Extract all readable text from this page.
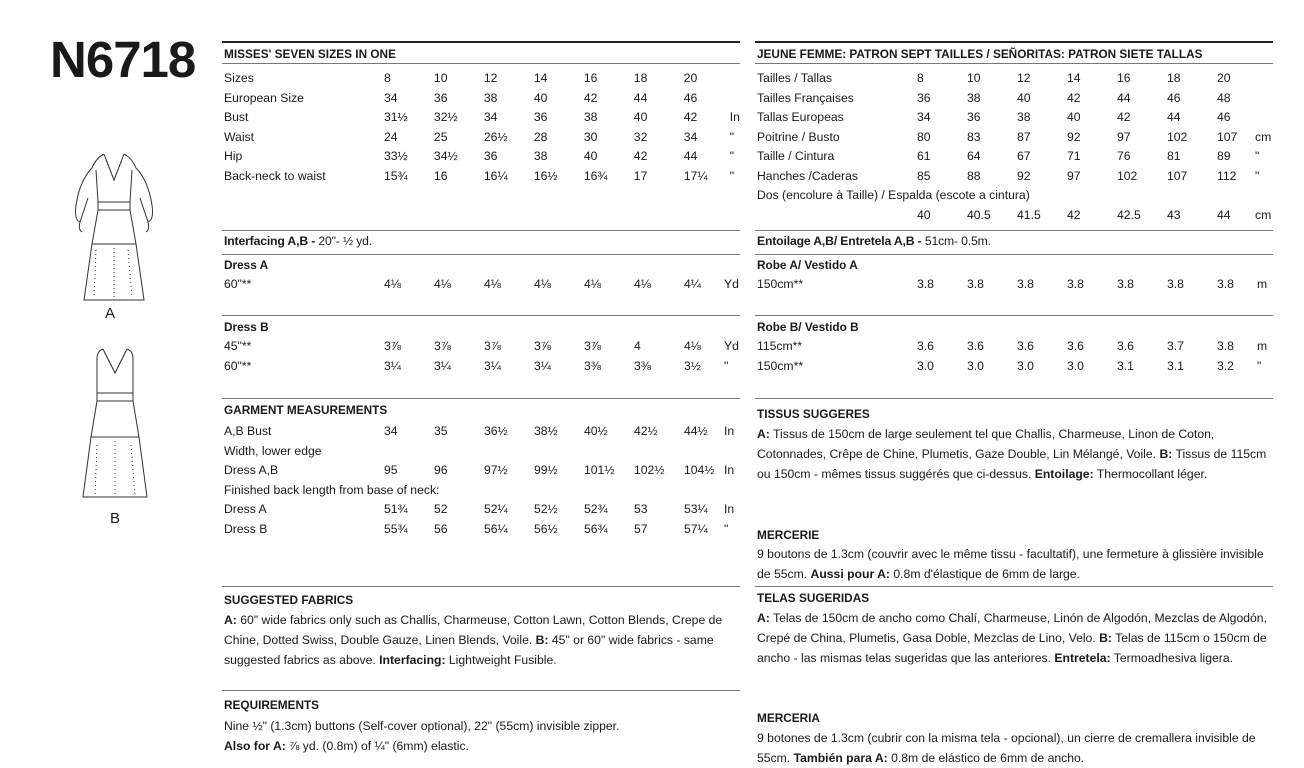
N6718
A
B
MISSES' SEVEN SIZES IN ONE
Sizes	8	10	12	14	16	18	20	
European Size	34	36	38	40	42	44	46	
Bust	31½	32½	34	36	38	40	42	In
Waist	24	25	26½	28	30	32	34	"
Hip	33½	34½	36	38	40	42	44	"
Back-neck to waist	15¾	16	16¼	16½	16¾	17	17¼	"
Interfacing A,B - 20"- ½ yd.
Dress A
60"**	4⅛	4⅛	4⅛	4⅛	4⅛	4⅛	4¼	Yd
Dress B
45"**	3⅞	3⅞	3⅞	3⅞	3⅞	4	4⅛	Yd
60"**	3¼	3¼	3¼	3¼	3⅜	3⅜	3½	"
GARMENT MEASUREMENTS
A,B Bust	34	35	36½	38½	40½	42½	44½	In
Width, lower edge								
Dress A,B	95	96	97½	99½	101½	102½	104½	In
Finished back length from base of neck:								
Dress A	51¾	52	52¼	52½	52¾	53	53¼	In
Dress B	55¾	56	56¼	56½	56¾	57	57¼	"
SUGGESTED FABRICS
A: 60" wide fabrics only such as Challis, Charmeuse, Cotton Lawn, Cotton Blends, Crepe de Chine, Dotted Swiss, Double Gauze, Linen Blends, Voile. B: 45" or 60" wide fabrics - same suggested fabrics as above. Interfacing: Lightweight Fusible.
REQUIREMENTS
Nine ½" (1.3cm) buttons (Self-cover optional), 22" (55cm) invisible zipper.
Also for A: ⅞ yd. (0.8m) of ¼" (6mm) elastic.
JEUNE FEMME: PATRON SEPT TAILLES / SEÑORITAS: PATRON SIETE TALLAS
Tailles / Tallas	8	10	12	14	16	18	20	
Tailles Françaises	36	38	40	42	44	46	48	
Tallas Europeas	34	36	38	40	42	44	46	
Poitrine / Busto	80	83	87	92	97	102	107	cm
Taille / Cintura	61	64	67	71	76	81	89	"
Hanches /Caderas	85	88	92	97	102	107	112	"
Dos (encolure à Taille) / Espalda (escote a cintura)								
	40	40.5	41.5	42	42.5	43	44	cm
Entoilage A,B/ Entretela A,B - 51cm- 0.5m.
Robe A/ Vestido A
150cm**	3.8	3.8	3.8	3.8	3.8	3.8	3.8	m
Robe B/ Vestido B
115cm**	3.6	3.6	3.6	3.6	3.6	3.7	3.8	m
150cm**	3.0	3.0	3.0	3.0	3.1	3.1	3.2	"
TISSUS SUGGERES
A: Tissus de 150cm de large seulement tel que Challis, Charmeuse, Linon de Coton, Cotonnades, Crêpe de Chine, Plumetis, Gaze Double, Lin Mélangé, Voile. B: Tissus de 115cm ou 150cm - mêmes tissus suggérés que ci-dessus. Entoilage: Thermocollant léger.
MERCERIE
9 boutons de 1.3cm (couvrir avec le même tissu - facultatif), une fermeture à glissière invisible de 55cm. Aussi pour A: 0.8m d'élastique de 6mm de large.
TELAS SUGERIDAS
A: Telas de 150cm de ancho como Chalí, Charmeuse, Linón de Algodón, Mezclas de Algodón, Crepé de China, Plumetis, Gasa Doble, Mezclas de Lino, Velo. B: Telas de 115cm o 150cm de ancho - las mismas telas sugeridas que las anteriores. Entretela: Termoadhesiva ligera.
MERCERIA
9 botones de 1.3cm (cubrir con la misma tela - opcional), un cierre de cremallera invisible de 55cm. También para A: 0.8m de elástico de 6mm de ancho.
